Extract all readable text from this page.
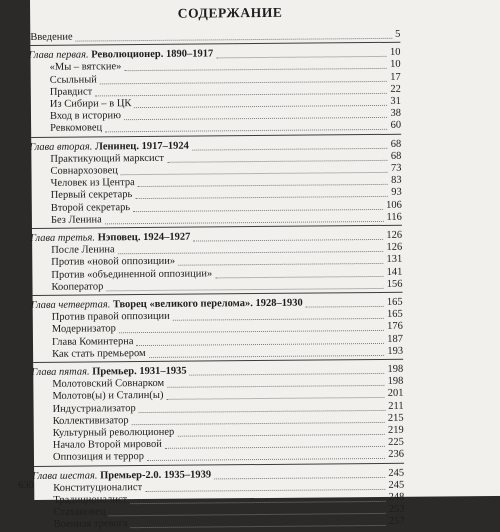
СОДЕРЖАНИЕ
Введение	5
Глава первая. Революционер. 1890–1917	10
«Мы – вятские»	10
Ссыльный	17
Правдист	22
Из Сибири – в ЦК	31
Вход в историю	38
Ревкомовец	60
Глава вторая. Ленинец. 1917–1924	68
Практикующий марксист	68
Совнархозовец	73
Человек из Центра	83
Первый секретарь	93
Второй секретарь	106
Без Ленина	116
Глава третья. Нэповец. 1924–1927	126
После Ленина	126
Против «новой оппозиции»	131
Против «объединенной оппозиции»	141
Кооператор	156
Глава четвертая. Творец «великого перелома». 1928–1930	165
Против правой оппозиции	165
Модернизатор	176
Глава Коминтерна	187
Как стать премьером	193
Глава пятая. Премьер. 1931–1935	198
Молотовский Совнарком	198
Молотов(ы) и Сталин(ы)	201
Индустриализатор	211
Коллективизатор	215
Культурный революционер	219
Начало Второй мировой	225
Оппозиция и террор	236
Глава шестая. Премьер-2.0. 1935–1939	245
Конституционалист	245
Традиционалист	248
Стахановец	253
Военная тревога	257
630
